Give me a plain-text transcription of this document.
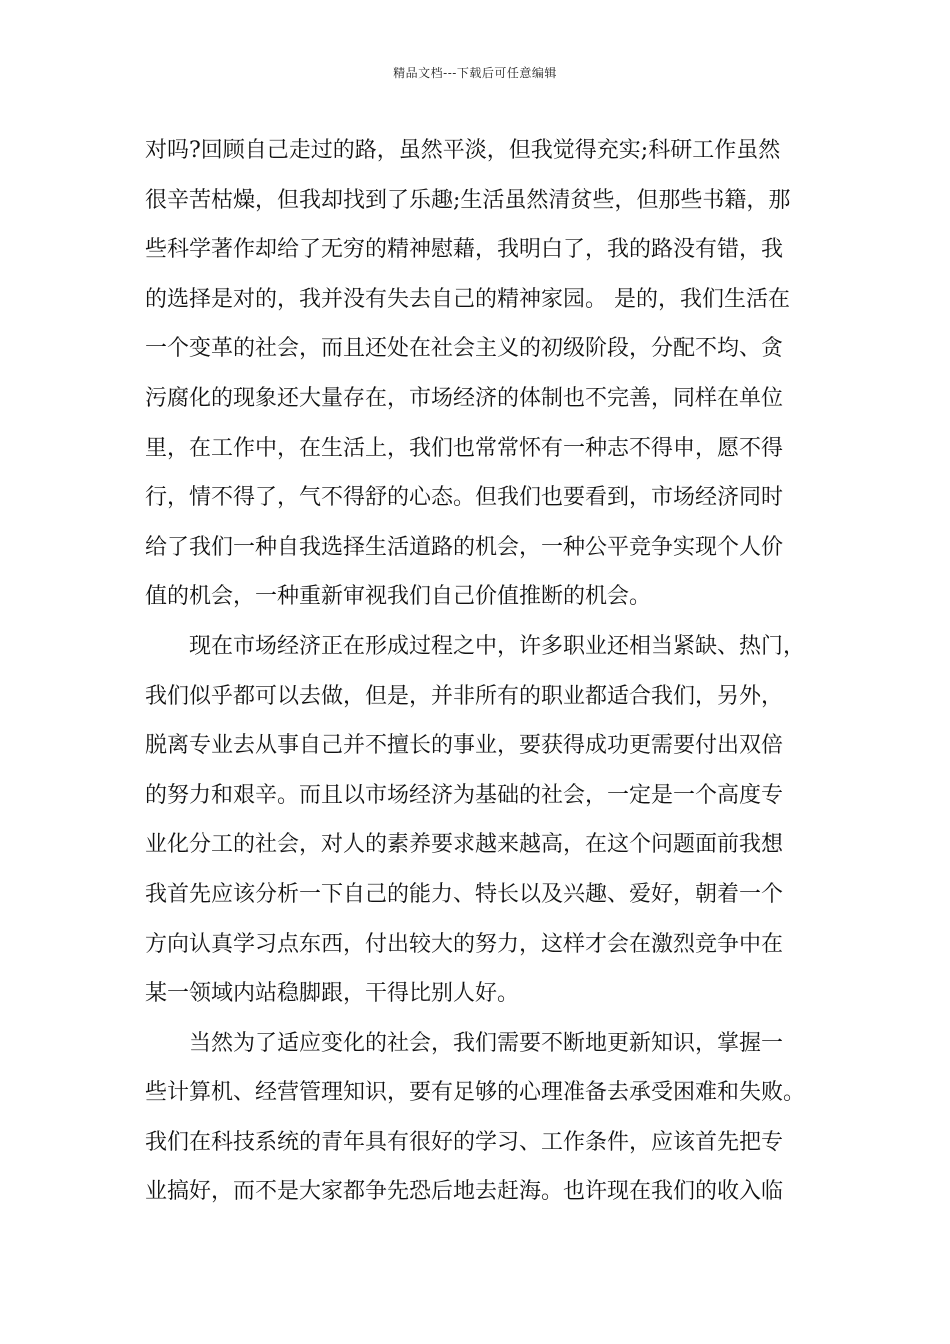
精品文档---下载后可任意编辑
对吗?回顾自己走过的路，虽然平淡，但我觉得充实;科研工作虽然
很辛苦枯燥，但我却找到了乐趣;生活虽然清贫些，但那些书籍，那
些科学著作却给了无穷的精神慰藉，我明白了，我的路没有错，我
的选择是对的，我并没有失去自己的精神家园。 是的，我们生活在
一个变革的社会，而且还处在社会主义的初级阶段，分配不均、贪
污腐化的现象还大量存在，市场经济的体制也不完善，同样在单位
里，在工作中，在生活上，我们也常常怀有一种志不得申，愿不得
行，情不得了，气不得舒的心态。但我们也要看到，市场经济同时
给了我们一种自我选择生活道路的机会，一种公平竞争实现个人价
值的机会，一种重新审视我们自己价值推断的机会。
现在市场经济正在形成过程之中，许多职业还相当紧缺、热门，
我们似乎都可以去做，但是，并非所有的职业都适合我们，另外，
脱离专业去从事自己并不擅长的事业，要获得成功更需要付出双倍
的努力和艰辛。而且以市场经济为基础的社会，一定是一个高度专
业化分工的社会，对人的素养要求越来越高，在这个问题面前我想
我首先应该分析一下自己的能力、特长以及兴趣、爱好，朝着一个
方向认真学习点东西，付出较大的努力，这样才会在激烈竞争中在
某一领域内站稳脚跟，干得比别人好。
当然为了适应变化的社会，我们需要不断地更新知识，掌握一
些计算机、经营管理知识，要有足够的心理准备去承受困难和失败。
我们在科技系统的青年具有很好的学习、工作条件，应该首先把专
业搞好，而不是大家都争先恐后地去赶海。也许现在我们的收入临
